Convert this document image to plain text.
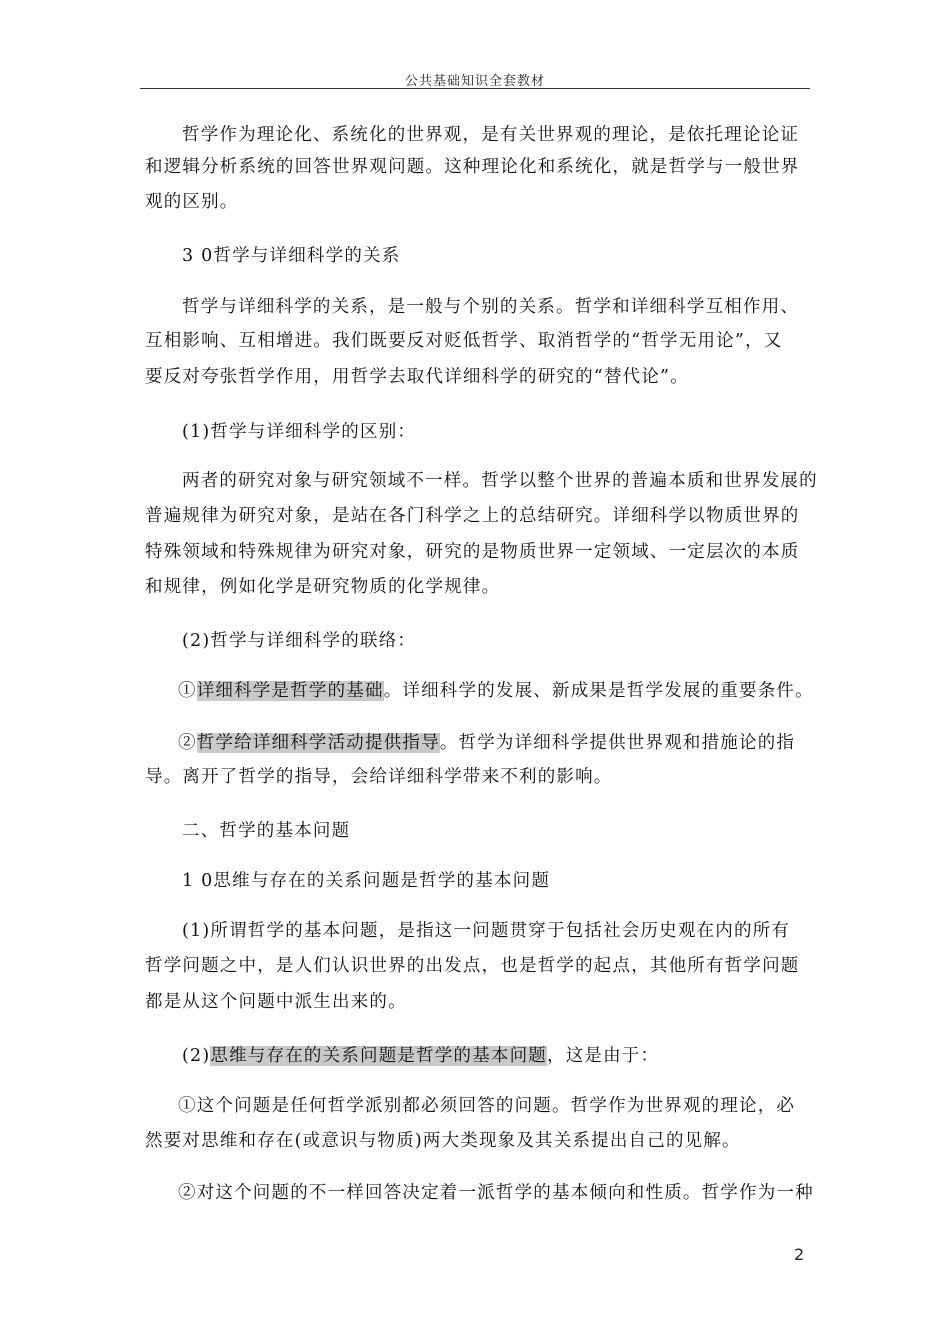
公共基础知识全套教材
哲学作为理论化、系统化的世界观，是有关世界观的理论，是依托理论论证
和逻辑分析系统的回答世界观问题。这种理论化和系统化，就是哲学与一般世界
观的区别。
3 0哲学与详细科学的关系
哲学与详细科学的关系，是一般与个别的关系。哲学和详细科学互相作用、
互相影响、互相增进。我们既要反对贬低哲学、取消哲学的“哲学无用论”，又
要反对夸张哲学作用，用哲学去取代详细科学的研究的“替代论”。
(1)哲学与详细科学的区别：
两者的研究对象与研究领域不一样。哲学以整个世界的普遍本质和世界发展的
普遍规律为研究对象，是站在各门科学之上的总结研究。详细科学以物质世界的
特殊领域和特殊规律为研究对象，研究的是物质世界一定领域、一定层次的本质
和规律，例如化学是研究物质的化学规律。
(2)哲学与详细科学的联络：
①详细科学是哲学的基础。详细科学的发展、新成果是哲学发展的重要条件。
②哲学给详细科学活动提供指导。哲学为详细科学提供世界观和措施论的指
导。离开了哲学的指导，会给详细科学带来不利的影响。
二、哲学的基本问题
1 0思维与存在的关系问题是哲学的基本问题
(1)所谓哲学的基本问题，是指这一问题贯穿于包括社会历史观在内的所有
哲学问题之中，是人们认识世界的出发点，也是哲学的起点，其他所有哲学问题
都是从这个问题中派生出来的。
(2)思维与存在的关系问题是哲学的基本问题，这是由于：
①这个问题是任何哲学派别都必须回答的问题。哲学作为世界观的理论，必
然要对思维和存在(或意识与物质)两大类现象及其关系提出自己的见解。
②对这个问题的不一样回答决定着一派哲学的基本倾向和性质。哲学作为一种
2
